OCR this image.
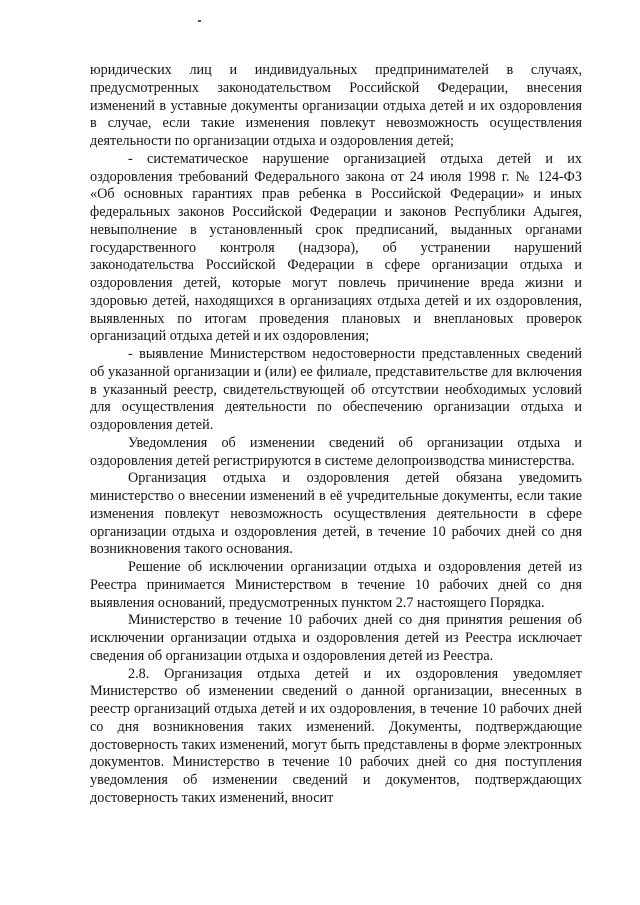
юридических лиц и индивидуальных предпринимателей в случаях, предусмотренных законодательством Российской Федерации, внесения изменений в уставные документы организации отдыха детей и их оздоровления в случае, если такие изменения повлекут невозможность осуществления деятельности по организации отдыха и оздоровления детей;

- систематическое нарушение организацией отдыха детей и их оздоровления требований Федерального закона от 24 июля 1998 г. № 124-ФЗ «Об основных гарантиях прав ребенка в Российской Федерации» и иных федеральных законов Российской Федерации и законов Республики Адыгея, невыполнение в установленный срок предписаний, выданных органами государственного контроля (надзора), об устранении нарушений законодательства Российской Федерации в сфере организации отдыха и оздоровления детей, которые могут повлечь причинение вреда жизни и здоровью детей, находящихся в организациях отдыха детей и их оздоровления, выявленных по итогам проведения плановых и внеплановых проверок организаций отдыха детей и их оздоровления;

- выявление Министерством недостоверности представленных сведений об указанной организации и (или) ее филиале, представительстве для включения в указанный реестр, свидетельствующей об отсутствии необходимых условий для осуществления деятельности по обеспечению организации отдыха и оздоровления детей.

Уведомления об изменении сведений об организации отдыха и оздоровления детей регистрируются в системе делопроизводства министерства.

Организация отдыха и оздоровления детей обязана уведомить министерство о внесении изменений в её учредительные документы, если такие изменения повлекут невозможность осуществления деятельности в сфере организации отдыха и оздоровления детей, в течение 10 рабочих дней со дня возникновения такого основания.

Решение об исключении организации отдыха и оздоровления детей из Реестра принимается Министерством в течение 10 рабочих дней со дня выявления оснований, предусмотренных пунктом 2.7 настоящего Порядка.

Министерство в течение 10 рабочих дней со дня принятия решения об исключении организации отдыха и оздоровления детей из Реестра исключает сведения об организации отдыха и оздоровления детей из Реестра.

2.8. Организация отдыха детей и их оздоровления уведомляет Министерство об изменении сведений о данной организации, внесенных в реестр организаций отдыха детей и их оздоровления, в течение 10 рабочих дней со дня возникновения таких изменений. Документы, подтверждающие достоверность таких изменений, могут быть представлены в форме электронных документов. Министерство в течение 10 рабочих дней со дня поступления уведомления об изменении сведений и документов, подтверждающих достоверность таких изменений, вносит
